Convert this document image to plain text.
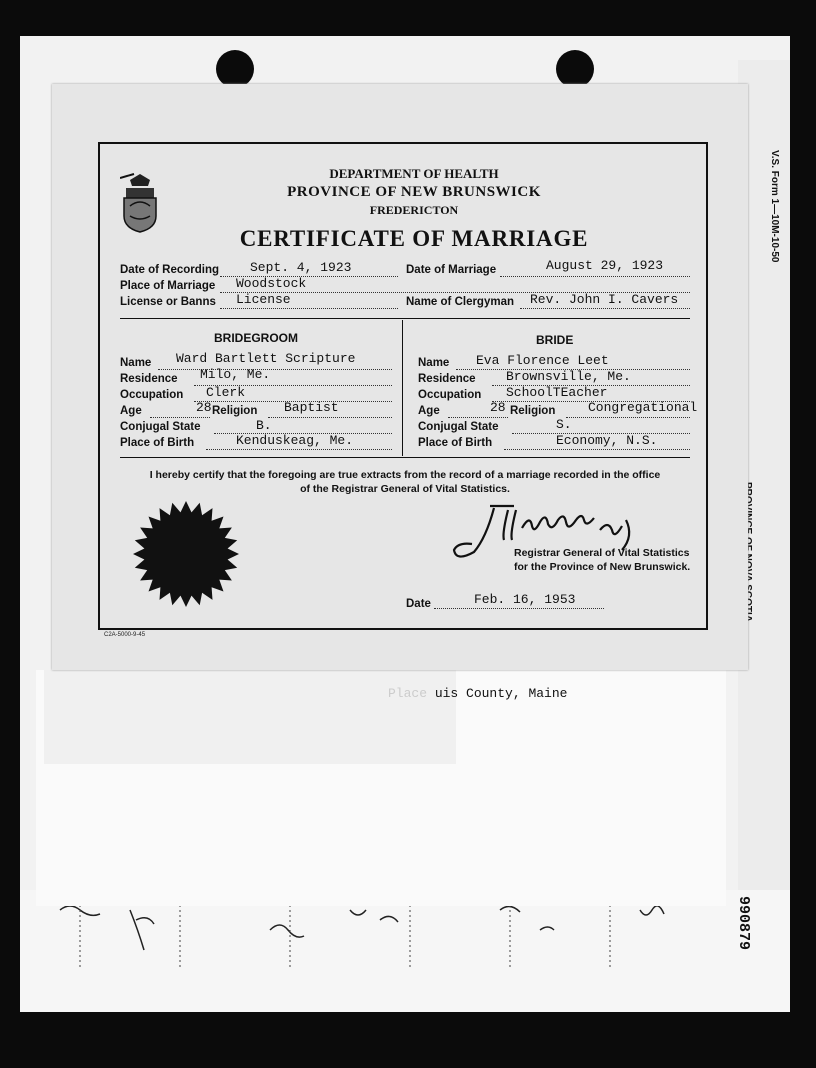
Place uis County, Maine
V.S. Form 1—10M-10-50
990879
DEPARTMENT OF HEALTH
PROVINCE OF NEW BRUNSWICK
FREDERICTON
CERTIFICATE OF MARRIAGE
Date of Recording Sept. 4, 1923	Date of Marriage	August 29, 1923
Place of Marriage Woodstock
License or Banns License	Name of Clergyman Rev. John I. Cavers
BRIDEGROOM
Name Ward Bartlett Scripture
Residence Milo, Me.
Occupation Clerk
Age	28 Religion Baptist
Conjugal State	B.
Place of Birth	Kenduskeag, Me.
BRIDE
Name Eva Florence Leet
Residence Brownsville, Me.
Occupation SchoolTEacher
Age	28 Religion	Congregational
Conjugal State	S.
Place of Birth	Economy, N.S.
I hereby certify that the foregoing are true extracts from the record of a marriage recorded in the office
of the Registrar General of Vital Statistics.
Registrar General of Vital Statistics
for the Province of New Brunswick.
Date	Feb. 16, 1953
C2A-5000-9-45
